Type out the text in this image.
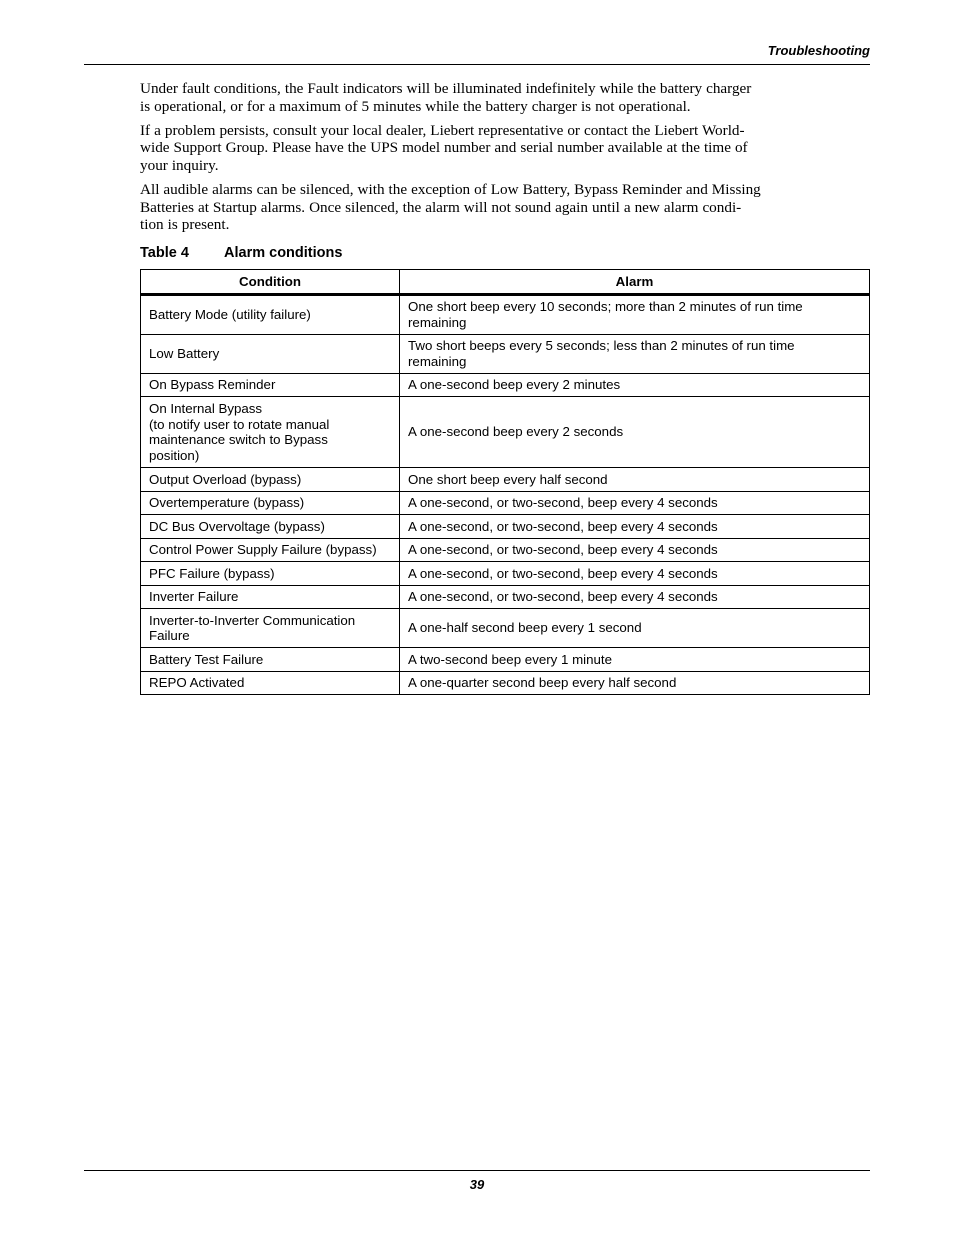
Troubleshooting

Under fault conditions, the Fault indicators will be illuminated indefinitely while the battery charger
is operational, or for a maximum of 5 minutes while the battery charger is not operational.

If a problem persists, consult your local dealer, Liebert representative or contact the Liebert World-
wide Support Group. Please have the UPS model number and serial number available at the time of
your inquiry.

All audible alarms can be silenced, with the exception of Low Battery, Bypass Reminder and Missing
Batteries at Startup alarms. Once silenced, the alarm will not sound again until a new alarm condi-
tion is present.

Table 4 Alarm conditions
Condition	Alarm
Battery Mode (utility failure)	One short beep every 10 seconds; more than 2 minutes of run time
remaining
Low Battery	Two short beeps every 5 seconds; less than 2 minutes of run time
remaining
On Bypass Reminder	A one-second beep every 2 minutes
On Internal Bypass
(to notify user to rotate manual
maintenance switch to Bypass
position)	A one-second beep every 2 seconds
Output Overload (bypass)	One short beep every half second
Overtemperature (bypass)	A one-second, or two-second, beep every 4 seconds
DC Bus Overvoltage (bypass)	A one-second, or two-second, beep every 4 seconds
Control Power Supply Failure (bypass)	A one-second, or two-second, beep every 4 seconds
PFC Failure (bypass)	A one-second, or two-second, beep every 4 seconds
Inverter Failure	A one-second, or two-second, beep every 4 seconds
Inverter-to-Inverter Communication
Failure	A one-half second beep every 1 second
Battery Test Failure	A two-second beep every 1 minute
REPO Activated	A one-quarter second beep every half second
39
